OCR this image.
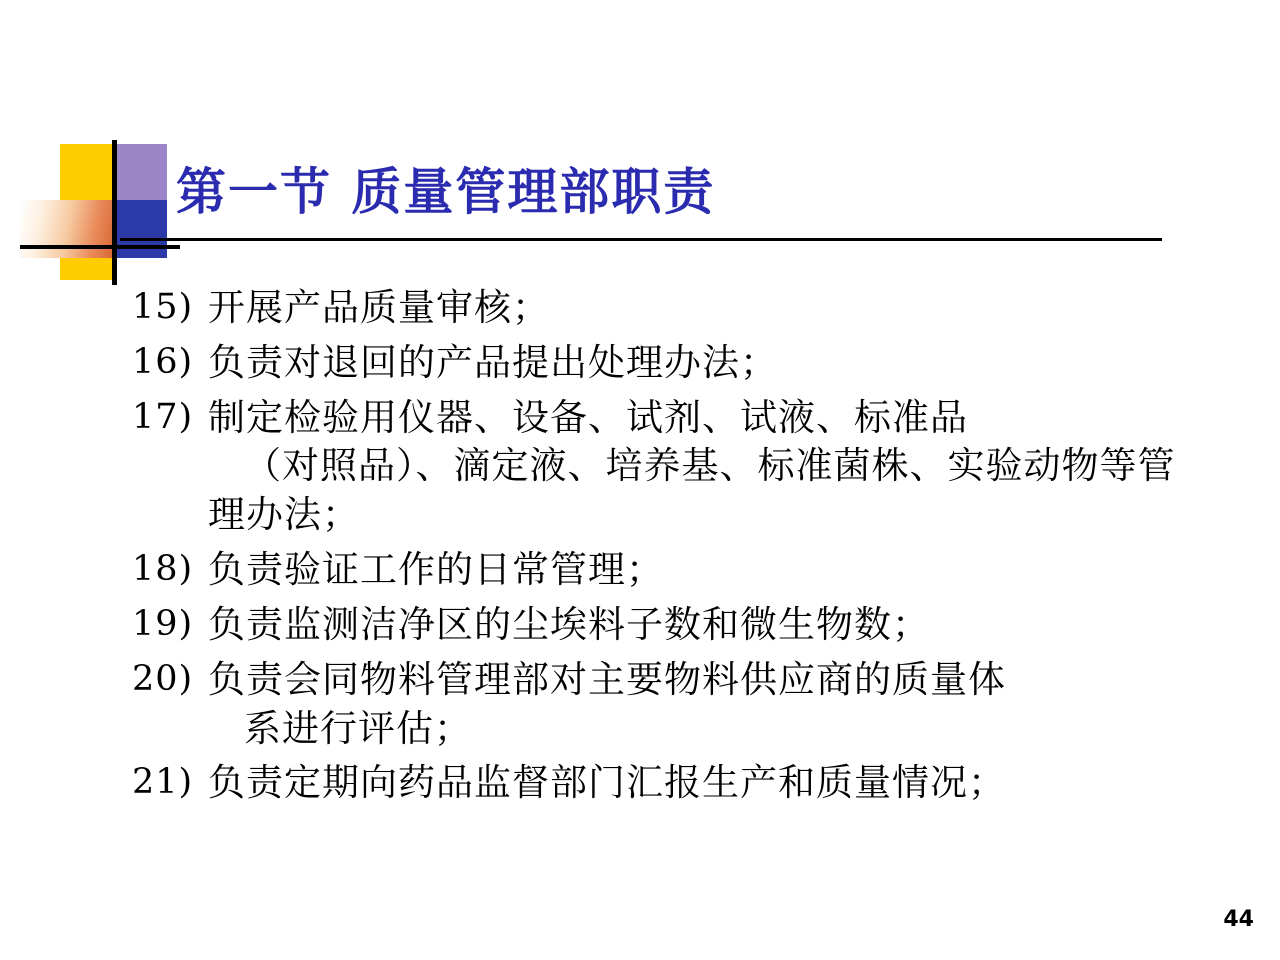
第一节 质量管理部职责
15) 开展产品质量审核；
16) 负责对退回的产品提出处理办法；
17) 制定检验用仪器、设备、试剂、试液、标准品
（对照品）、滴定液、培养基、标准菌株、实验动物等管理办法；
18) 负责验证工作的日常管理；
19) 负责监测洁净区的尘埃料子数和微生物数；
20) 负责会同物料管理部对主要物料供应商的质量体
系进行评估；
21) 负责定期向药品监督部门汇报生产和质量情况；
44
